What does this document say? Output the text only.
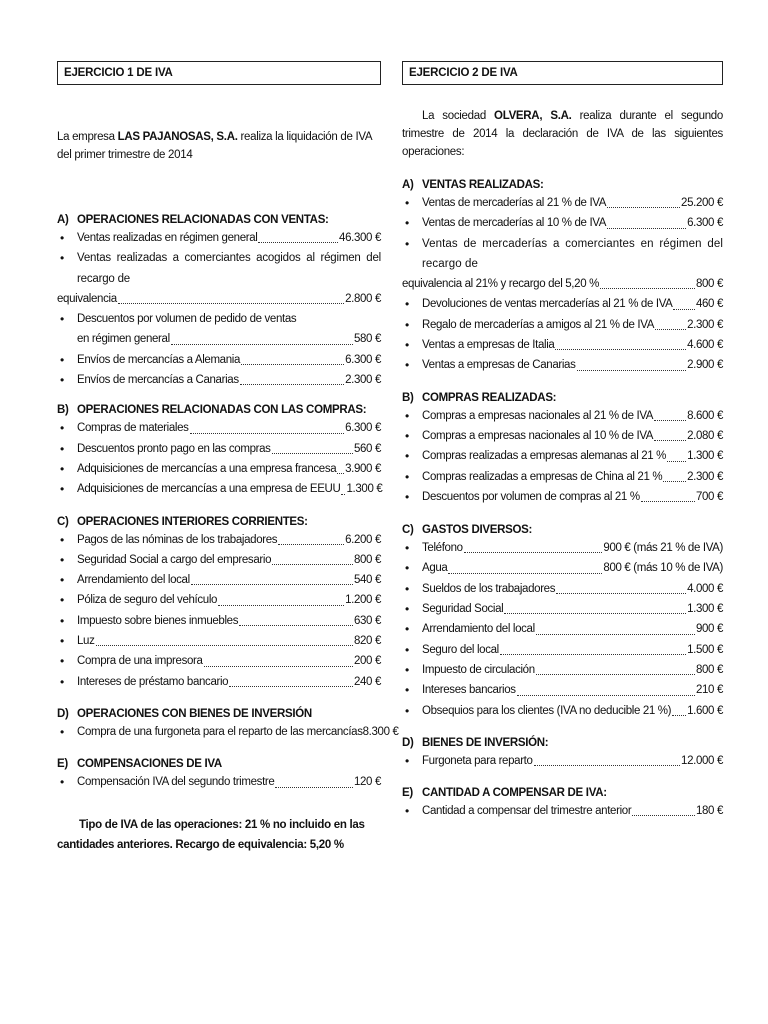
EJERCICIO 1 DE IVA

La empresa LAS PAJANOSAS, S.A. realiza la liquidación de IVA del primer trimestre de 2014

A) OPERACIONES RELACIONADAS CON VENTAS:
• Ventas realizadas en régimen general	46.300 €
• Ventas realizadas a comerciantes acogidos al régimen del recargo de
equivalencia	2.800 €
• Descuentos por volumen de pedido de ventas
en régimen general	580 €
• Envíos de mercancías a Alemania	6.300 €
• Envíos de mercancías a Canarias	2.300 €
B) OPERACIONES RELACIONADAS CON LAS COMPRAS:
• Compras de materiales	6.300 €
• Descuentos pronto pago en las compras	560 €
• Adquisiciones de mercancías a una empresa francesa 3.900 €
• Adquisiciones de mercancías a una empresa de EEUU 1.300 €
C) OPERACIONES INTERIORES CORRIENTES:
• Pagos de las nóminas de los trabajadores	6.200 €
• Seguridad Social a cargo del empresario	800 €
• Arrendamiento del local	540 €
• Póliza de seguro del vehículo	1.200 €
• Impuesto sobre bienes inmuebles	630 €
• Luz	820 €
• Compra de una impresora	200 €
• Intereses de préstamo bancario	240 €
D) OPERACIONES CON BIENES DE INVERSIÓN
• Compra de una furgoneta para el reparto de las mercancías 8.300 €
E) COMPENSACIONES DE IVA
• Compensación IVA del segundo trimestre	120 €

Tipo de IVA de las operaciones: 21 % no incluido en las cantidades anteriores. Recargo de equivalencia: 5,20 %

EJERCICIO 2 DE IVA

La sociedad OLVERA, S.A. realiza durante el segundo trimestre de 2014 la declaración de IVA de las siguientes operaciones:

A) VENTAS REALIZADAS:
• Ventas de mercaderías al 21 % de IVA	25.200 €
• Ventas de mercaderías al 10 % de IVA	6.300 €
• Ventas de mercaderías a comerciantes en régimen del recargo de
equivalencia al 21% y recargo del 5,20 %	800 €
• Devoluciones de ventas mercaderías al 21 % de IVA 460 €
• Regalo de mercaderías a amigos al 21 % de IVA	2.300 €
• Ventas a empresas de Italia	4.600 €
• Ventas a empresas de Canarias	2.900 €
B) COMPRAS REALIZADAS:
• Compras a empresas nacionales al 21 % de IVA	8.600 €
• Compras a empresas nacionales al 10 % de IVA	2.080 €
• Compras realizadas a empresas alemanas al 21 % 1.300 €
• Compras realizadas a empresas de China al 21 % 2.300 €
• Descuentos por volumen de compras al 21 %	700 €
C) GASTOS DIVERSOS:
• Teléfono	900 € (más 21 % de IVA)
• Agua	800 € (más 10 % de IVA)
• Sueldos de los trabajadores	4.000 €
• Seguridad Social	1.300 €
• Arrendamiento del local	900 €
• Seguro del local	1.500 €
• Impuesto de circulación	800 €
• Intereses bancarios	210 €
• Obsequios para los clientes (IVA no deducible 21 %) 1.600 €
D) BIENES DE INVERSIÓN:
• Furgoneta para reparto	12.000 €
E) CANTIDAD A COMPENSAR DE IVA:
• Cantidad a compensar del trimestre anterior	180 €
